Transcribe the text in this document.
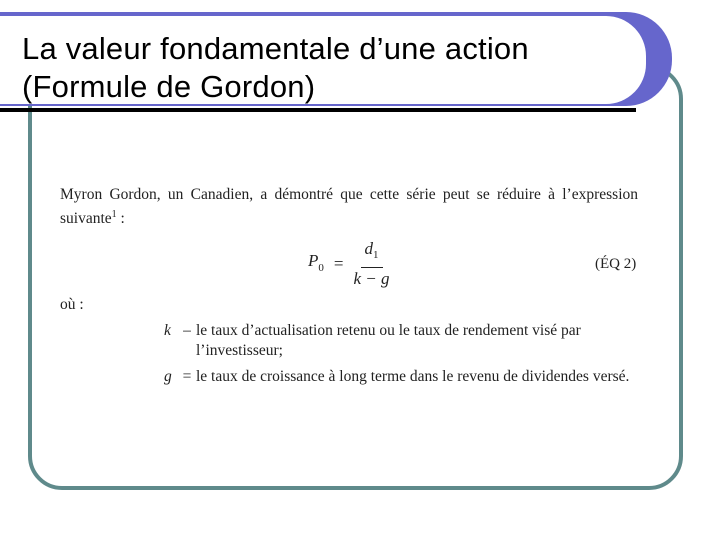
La valeur fondamentale d’une action
(Formule de Gordon)

Myron Gordon, un Canadien, a démontré que cette série peut se réduire à l’expression suivante$^1$ :

$P_0 = \frac{d_1}{k - g}$	(ÉQ 2)

où :

k – le taux d’actualisation retenu ou le taux de rendement visé par l’investisseur;
g = le taux de croissance à long terme dans le revenu de dividendes versé.
